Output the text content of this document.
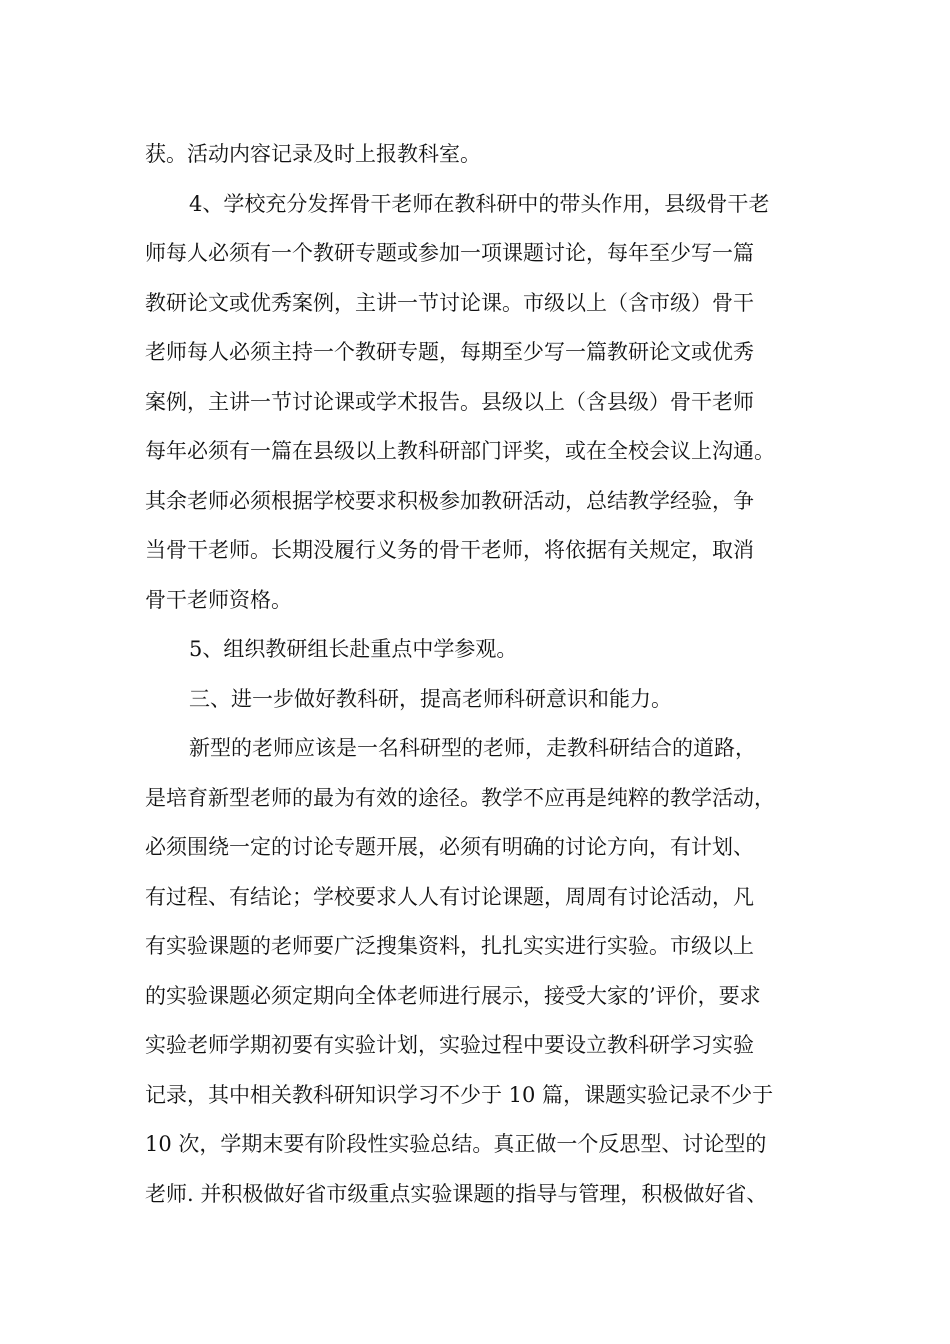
获。活动内容记录及时上报教科室。
4、学校充分发挥骨干老师在教科研中的带头作用，县级骨干老
师每人必须有一个教研专题或参加一项课题讨论，每年至少写一篇
教研论文或优秀案例，主讲一节讨论课。市级以上（含市级）骨干
老师每人必须主持一个教研专题，每期至少写一篇教研论文或优秀
案例，主讲一节讨论课或学术报告。县级以上（含县级）骨干老师
每年必须有一篇在县级以上教科研部门评奖，或在全校会议上沟通。
其余老师必须根据学校要求积极参加教研活动，总结教学经验，争
当骨干老师。长期没履行义务的骨干老师，将依据有关规定，取消
骨干老师资格。
5、组织教研组长赴重点中学参观。
三、进一步做好教科研，提高老师科研意识和能力。
新型的老师应该是一名科研型的老师，走教科研结合的道路，
是培育新型老师的最为有效的途径。教学不应再是纯粹的教学活动，
必须围绕一定的讨论专题开展，必须有明确的讨论方向，有计划、
有过程、有结论；学校要求人人有讨论课题，周周有讨论活动，凡
有实验课题的老师要广泛搜集资料，扎扎实实进行实验。市级以上
的实验课题必须定期向全体老师进行展示，接受大家的’评价，要求
实验老师学期初要有实验计划，实验过程中要设立教科研学习实验
记录，其中相关教科研知识学习不少于 10 篇，课题实验记录不少于
10 次，学期末要有阶段性实验总结。真正做一个反思型、讨论型的
老师. 并积极做好省市级重点实验课题的指导与管理，积极做好省、
